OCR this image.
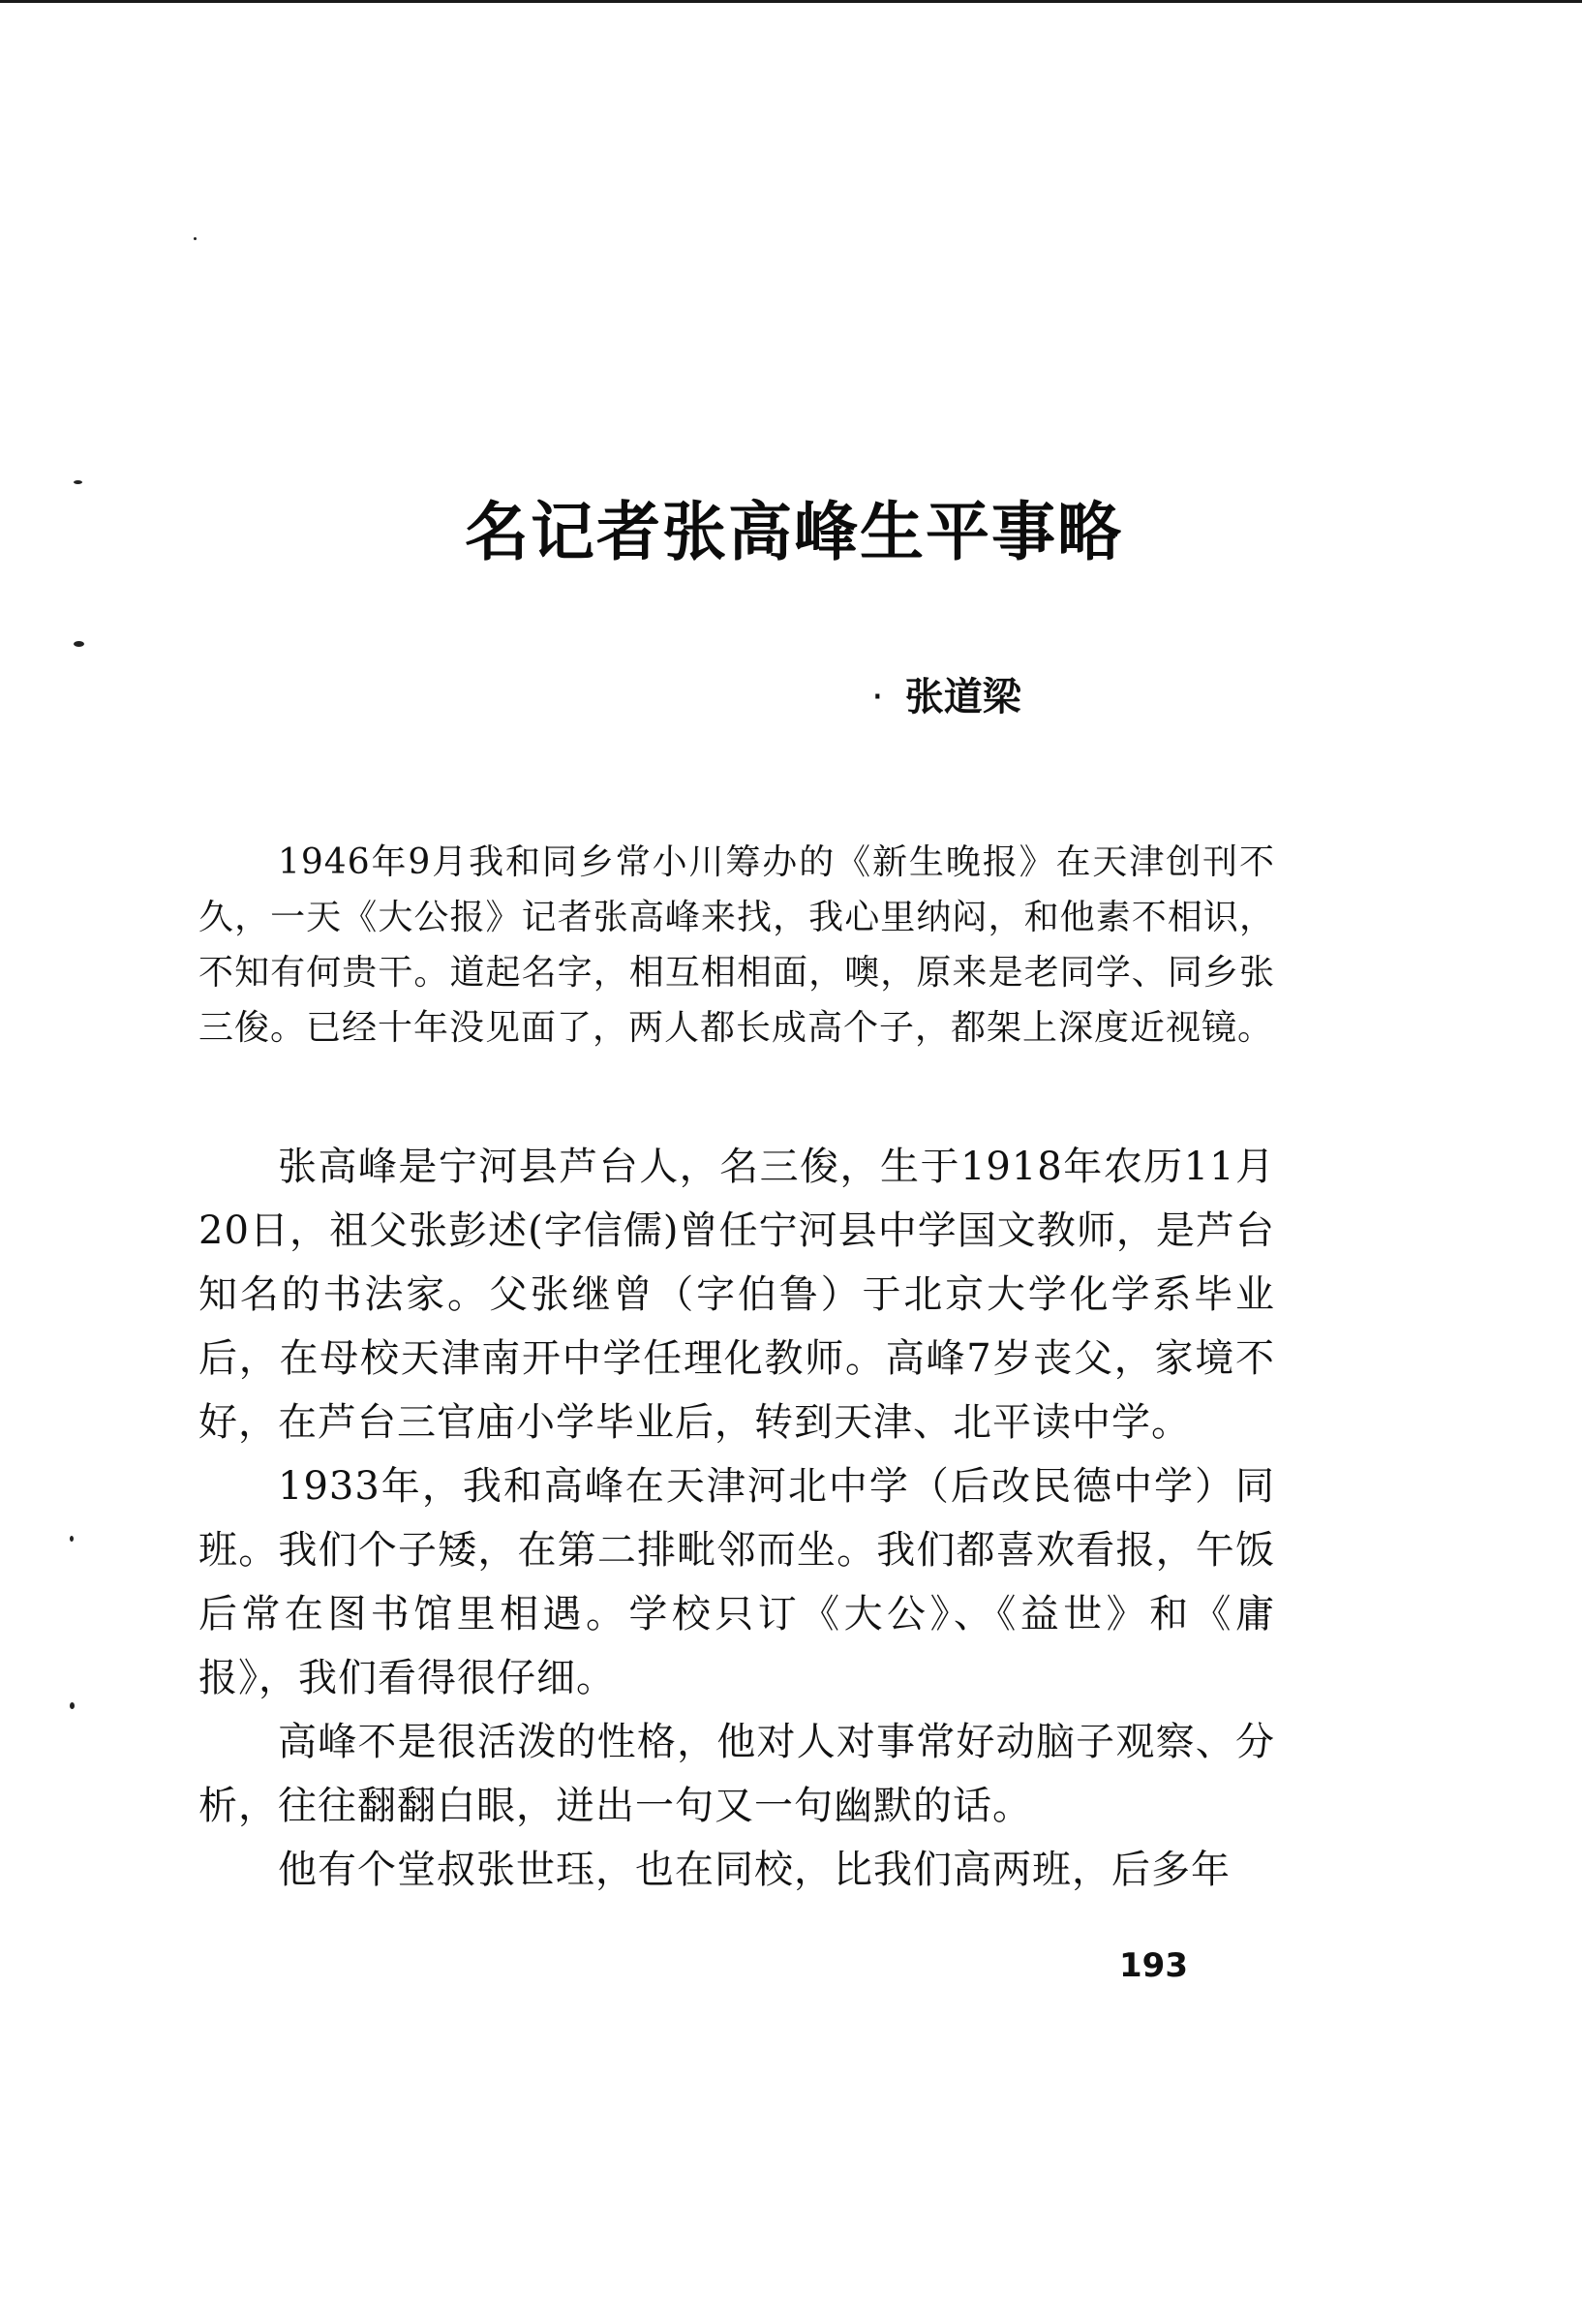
名记者张高峰生平事略
· 张道梁

1946年9月我和同乡常小川筹办的《新生晚报》在天津创刊不久，一天《大公报》记者张高峰来找，我心里纳闷，和他素不相识，不知有何贵干。道起名字，相互相相面，噢，原来是老同学、同乡张三俊。已经十年没见面了，两人都长成高个子，都架上深度近视镜。

张高峰是宁河县芦台人，名三俊，生于1918年农历11月20日，祖父张彭述(字信儒)曾任宁河县中学国文教师，是芦台知名的书法家。父张继曾（字伯鲁）于北京大学化学系毕业后，在母校天津南开中学任理化教师。高峰7岁丧父，家境不好，在芦台三官庙小学毕业后，转到天津、北平读中学。

1933年，我和高峰在天津河北中学（后改民德中学）同班。我们个子矮，在第二排毗邻而坐。我们都喜欢看报，午饭后常在图书馆里相遇。学校只订《大公》、《益世》和《庸报》，我们看得很仔细。

高峰不是很活泼的性格，他对人对事常好动脑子观察、分析，往往翻翻白眼，迸出一句又一句幽默的话。

他有个堂叔张世珏，也在同校，比我们高两班，后多年

193
